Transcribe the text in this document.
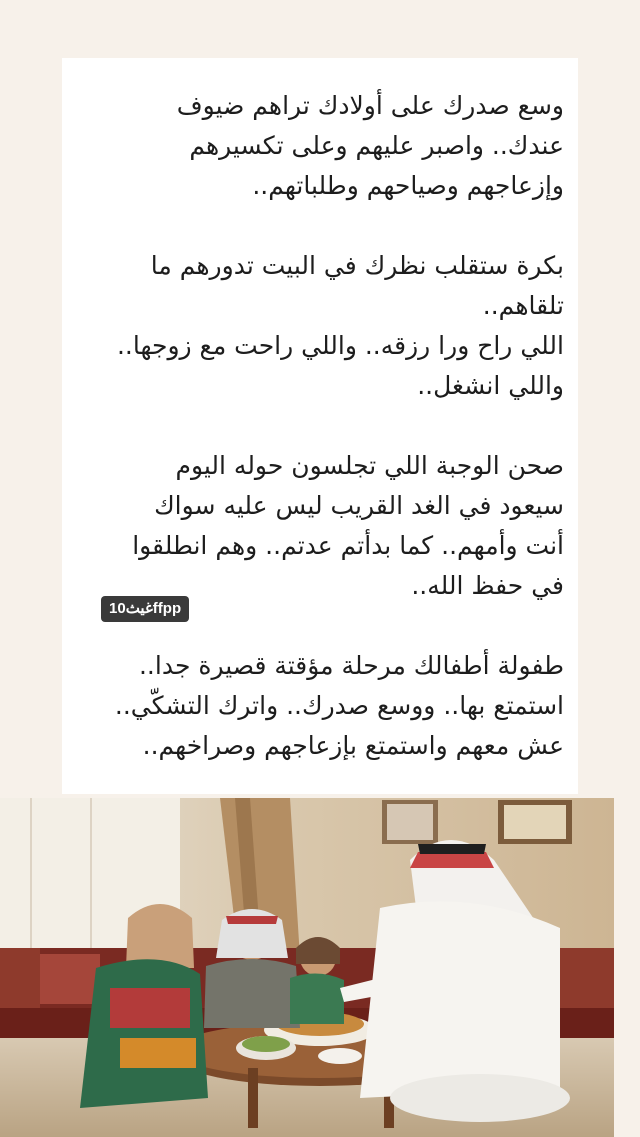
وسع صدرك على أولادك تراهم ضيوف
عندك.. واصبر عليهم وعلى تكسيرهم
وإزعاجهم وصياحهم وطلباتهم..

بكرة ستقلب نظرك في البيت تدورهم ما
تلقاهم..
اللي راح ورا رزقه.. واللي راحت مع زوجها..
واللي انشغل..

صحن الوجبة اللي تجلسون حوله اليوم
سيعود في الغد القريب ليس عليه سواك
أنت وأمهم.. كما بدأتم عدتم.. وهم انطلقوا
في حفظ الله..

طفولة أطفالك مرحلة مؤقتة قصيرة جدا..
استمتع بها.. ووسع صدرك.. واترك التشكّي..
عش معهم واستمتع بإزعاجهم وصراخهم..

غيث10ffpp
